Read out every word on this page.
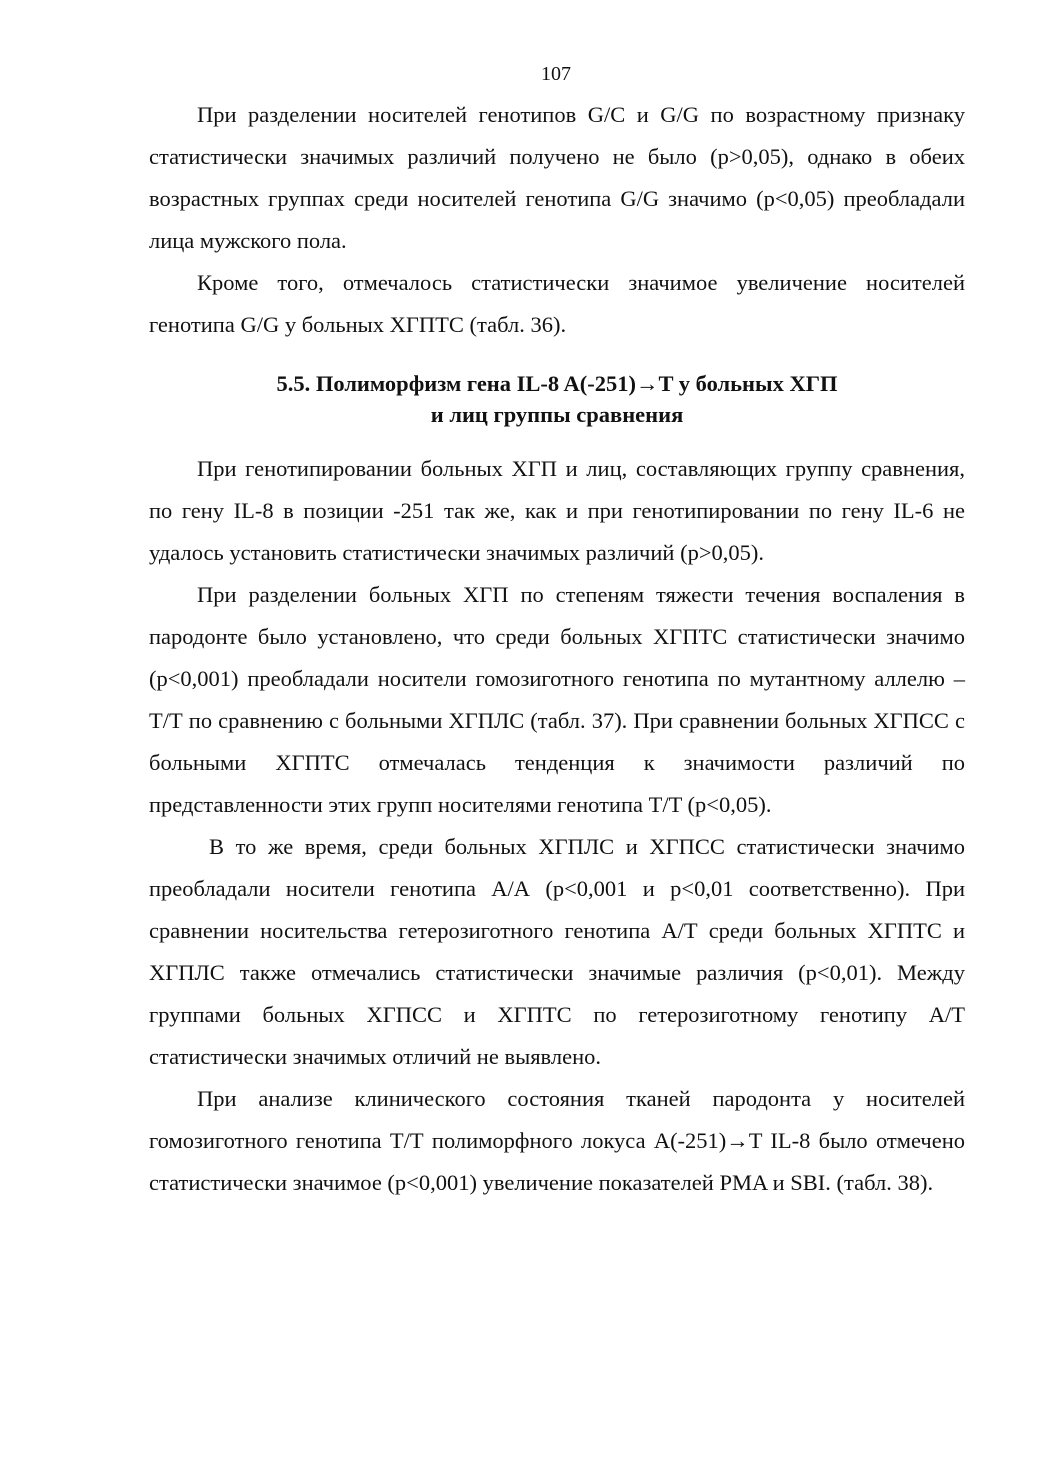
107

При разделении носителей генотипов G/C и G/G по возрастному признаку статистически значимых различий получено не было (p>0,05), однако в обеих возрастных группах среди носителей генотипа G/G значимо (p<0,05) преобладали лица мужского пола.

Кроме того, отмечалось статистически значимое увеличение носителей генотипа G/G у больных ХГПТС (табл. 36).

5.5. Полиморфизм гена IL-8 A(-251)→T у больных ХГП
и лиц группы сравнения

При генотипировании больных ХГП и лиц, составляющих группу сравнения, по гену IL-8 в позиции -251 так же, как и при генотипировании по гену IL-6 не удалось установить статистически значимых различий (p>0,05).

При разделении больных ХГП по степеням тяжести течения воспаления в пародонте было установлено, что среди больных ХГПТС статистически значимо (p<0,001) преобладали носители гомозиготного генотипа по мутантному аллелю – Т/Т по сравнению с больными ХГПЛС (табл. 37). При сравнении больных ХГПСС с больными ХГПТС отмечалась тенденция к значимости различий по представленности этих групп носителями генотипа T/T (p<0,05).

В то же время, среди больных ХГПЛС и ХГПСС статистически значимо преобладали носители генотипа А/А (p<0,001 и p<0,01 соответственно). При сравнении носительства гетерозиготного генотипа А/Т среди больных ХГПТС и ХГПЛС также отмечались статистически значимые различия (p<0,01). Между группами больных ХГПСС и ХГПТС по гетерозиготному генотипу А/Т статистически значимых отличий не выявлено.

При анализе клинического состояния тканей пародонта у носителей гомозиготного генотипа Т/Т полиморфного локуса A(-251)→T IL-8 было отмечено статистически значимое (p<0,001) увеличение показателей PMA и SBI. (табл. 38).
